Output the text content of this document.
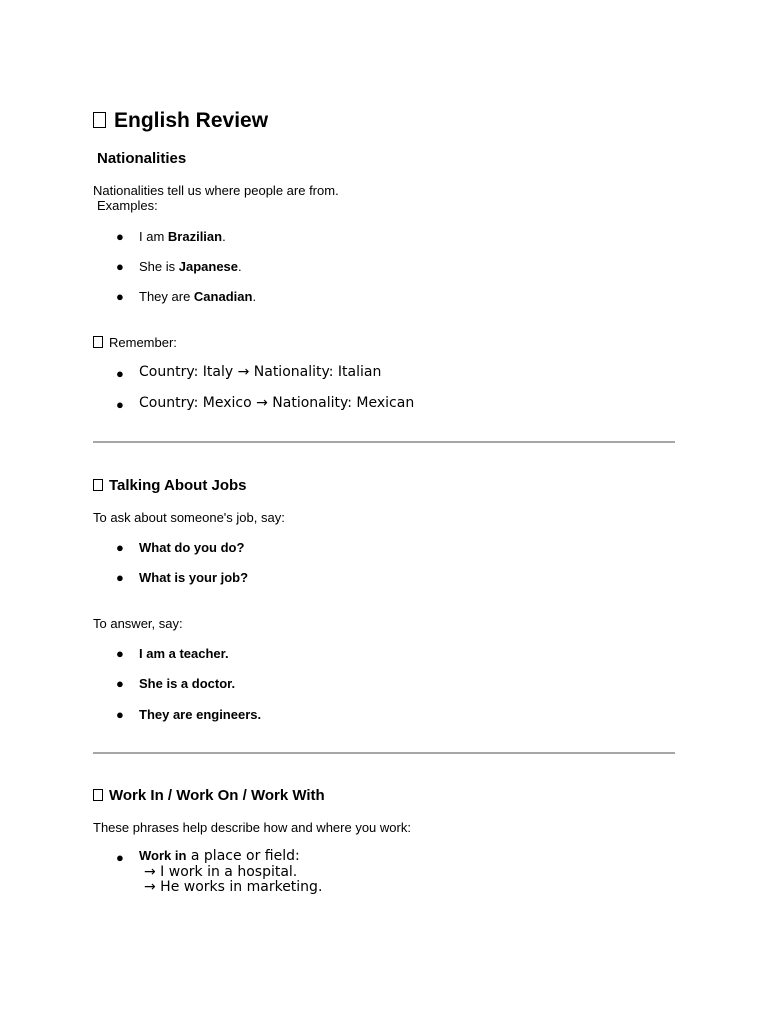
English Review
Nationalities
Nationalities tell us where people are from.
Examples:
● I am Brazilian.
● She is Japanese.
● They are Canadian.
Remember:
● Country: Italy → Nationality: Italian
● Country: Mexico → Nationality: Mexican
Talking About Jobs
To ask about someone's job, say:
● What do you do?
● What is your job?
To answer, say:
● I am a teacher.
● She is a doctor.
● They are engineers.
Work In / Work On / Work With
These phrases help describe how and where you work:
● Work in a place or field:
→ I work in a hospital.
→ He works in marketing.
